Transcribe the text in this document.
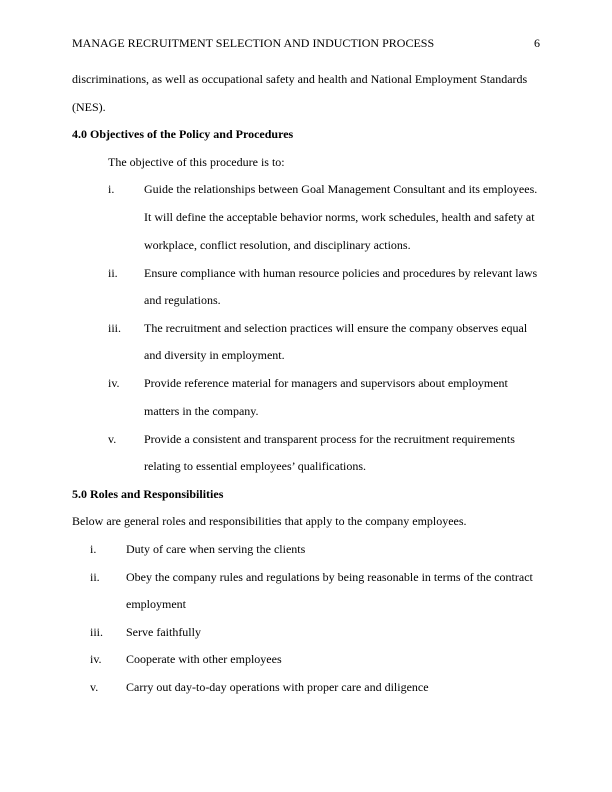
MANAGE RECRUITMENT SELECTION AND INDUCTION PROCESS	6
discriminations, as well as occupational safety and health and National Employment Standards
(NES).
4.0 Objectives of the Policy and Procedures
The objective of this procedure is to:
i. Guide the relationships between Goal Management Consultant and its employees.
It will define the acceptable behavior norms, work schedules, health and safety at
workplace, conflict resolution, and disciplinary actions.
ii. Ensure compliance with human resource policies and procedures by relevant laws
and regulations.
iii. The recruitment and selection practices will ensure the company observes equal
and diversity in employment.
iv. Provide reference material for managers and supervisors about employment
matters in the company.
v. Provide a consistent and transparent process for the recruitment requirements
relating to essential employees’ qualifications.
5.0 Roles and Responsibilities
Below are general roles and responsibilities that apply to the company employees.
i. Duty of care when serving the clients
ii. Obey the company rules and regulations by being reasonable in terms of the contract
employment
iii. Serve faithfully
iv. Cooperate with other employees
v. Carry out day-to-day operations with proper care and diligence
